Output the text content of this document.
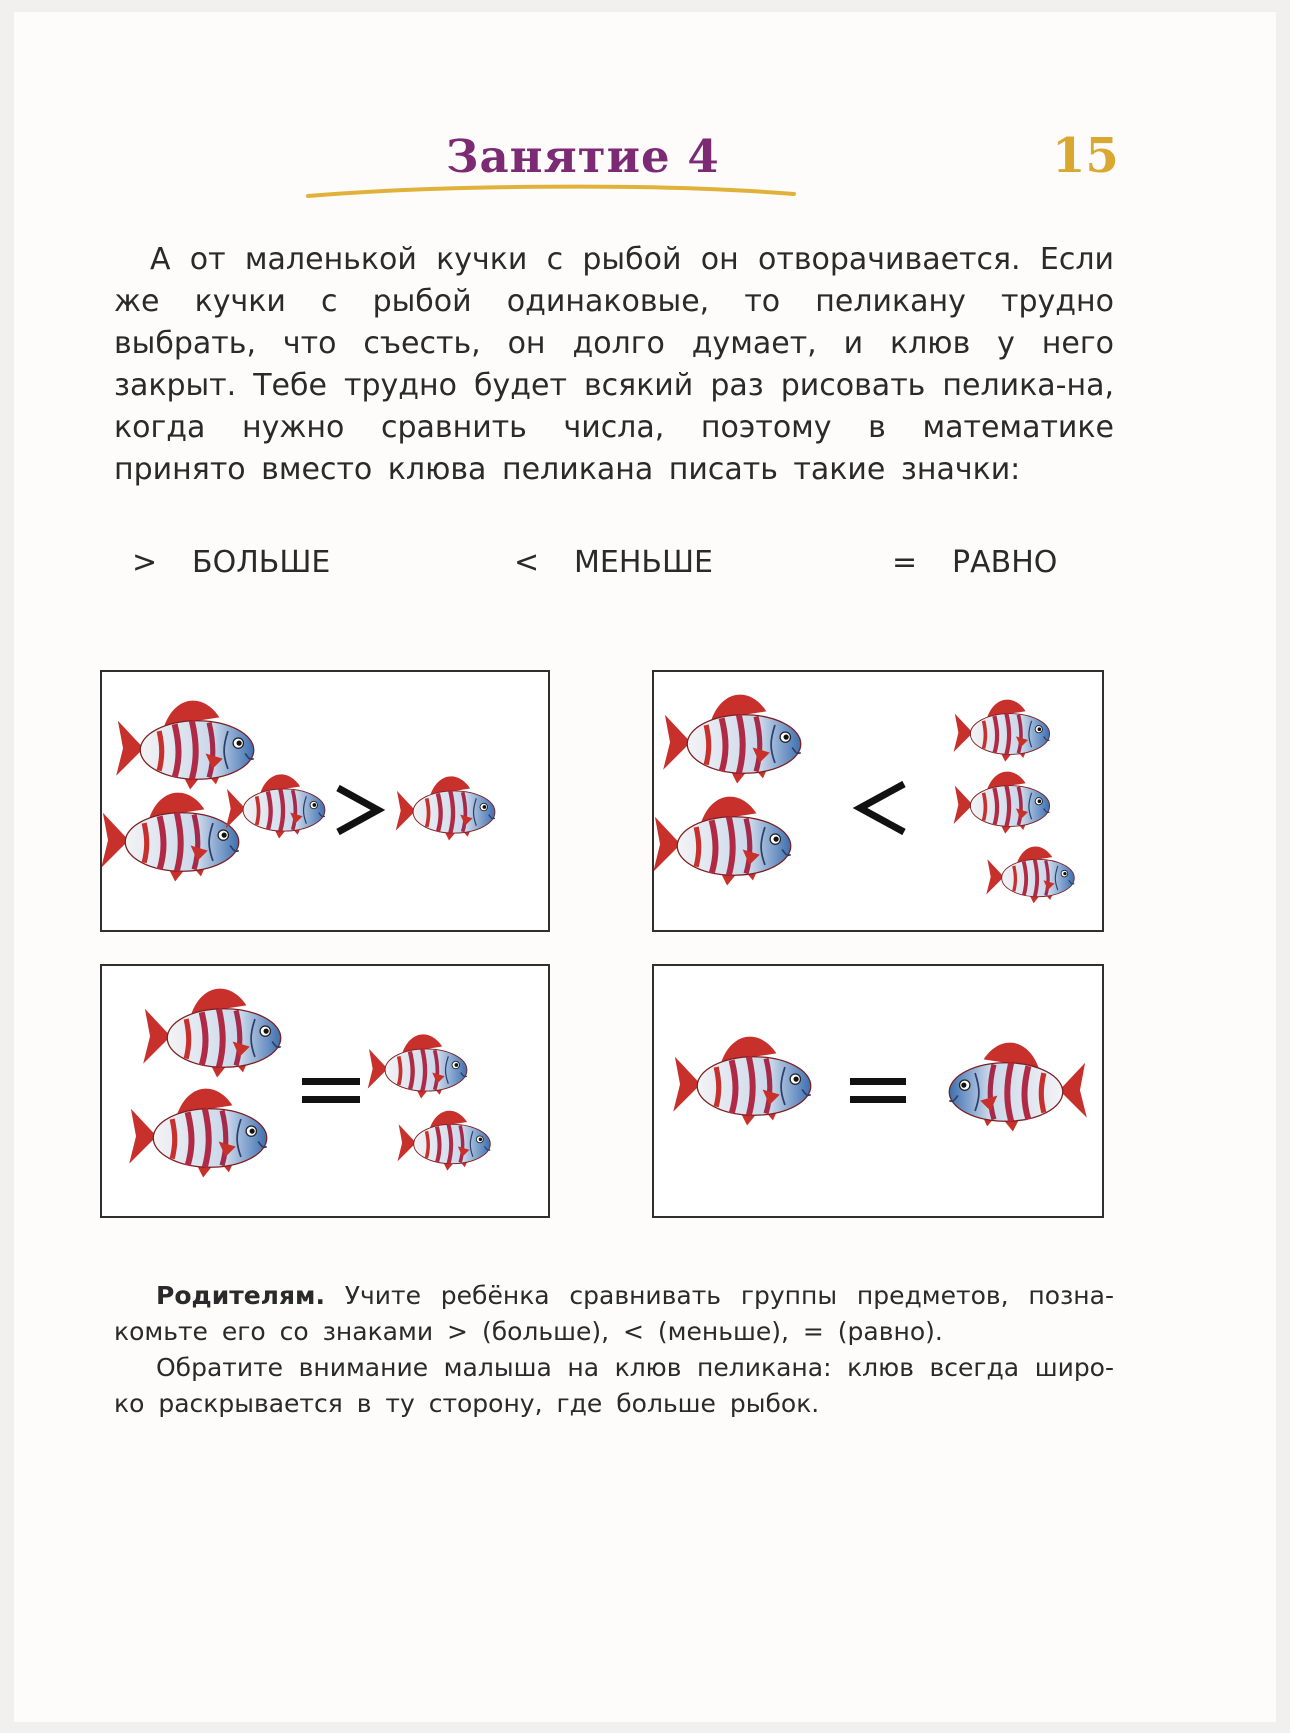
Занятие 4	15

А от маленькой кучки с рыбой он отворачивается. Если же кучки с рыбой одинаковые, то пеликану трудно выбрать, что съесть, он долго думает, и клюв у него закрыт. Тебе трудно будет всякий раз рисовать пелика-на, когда нужно сравнить числа, поэтому в математике принято вместо клюва пеликана писать такие значки:

> БОЛЬШЕ	< МЕНЬШЕ	= РАВНО

Родителям. Учите ребёнка сравнивать группы предметов, позна-комьте его со знаками > (больше), < (меньше), = (равно).

Обратите внимание малыша на клюв пеликана: клюв всегда широ-ко раскрывается в ту сторону, где больше рыбок.
